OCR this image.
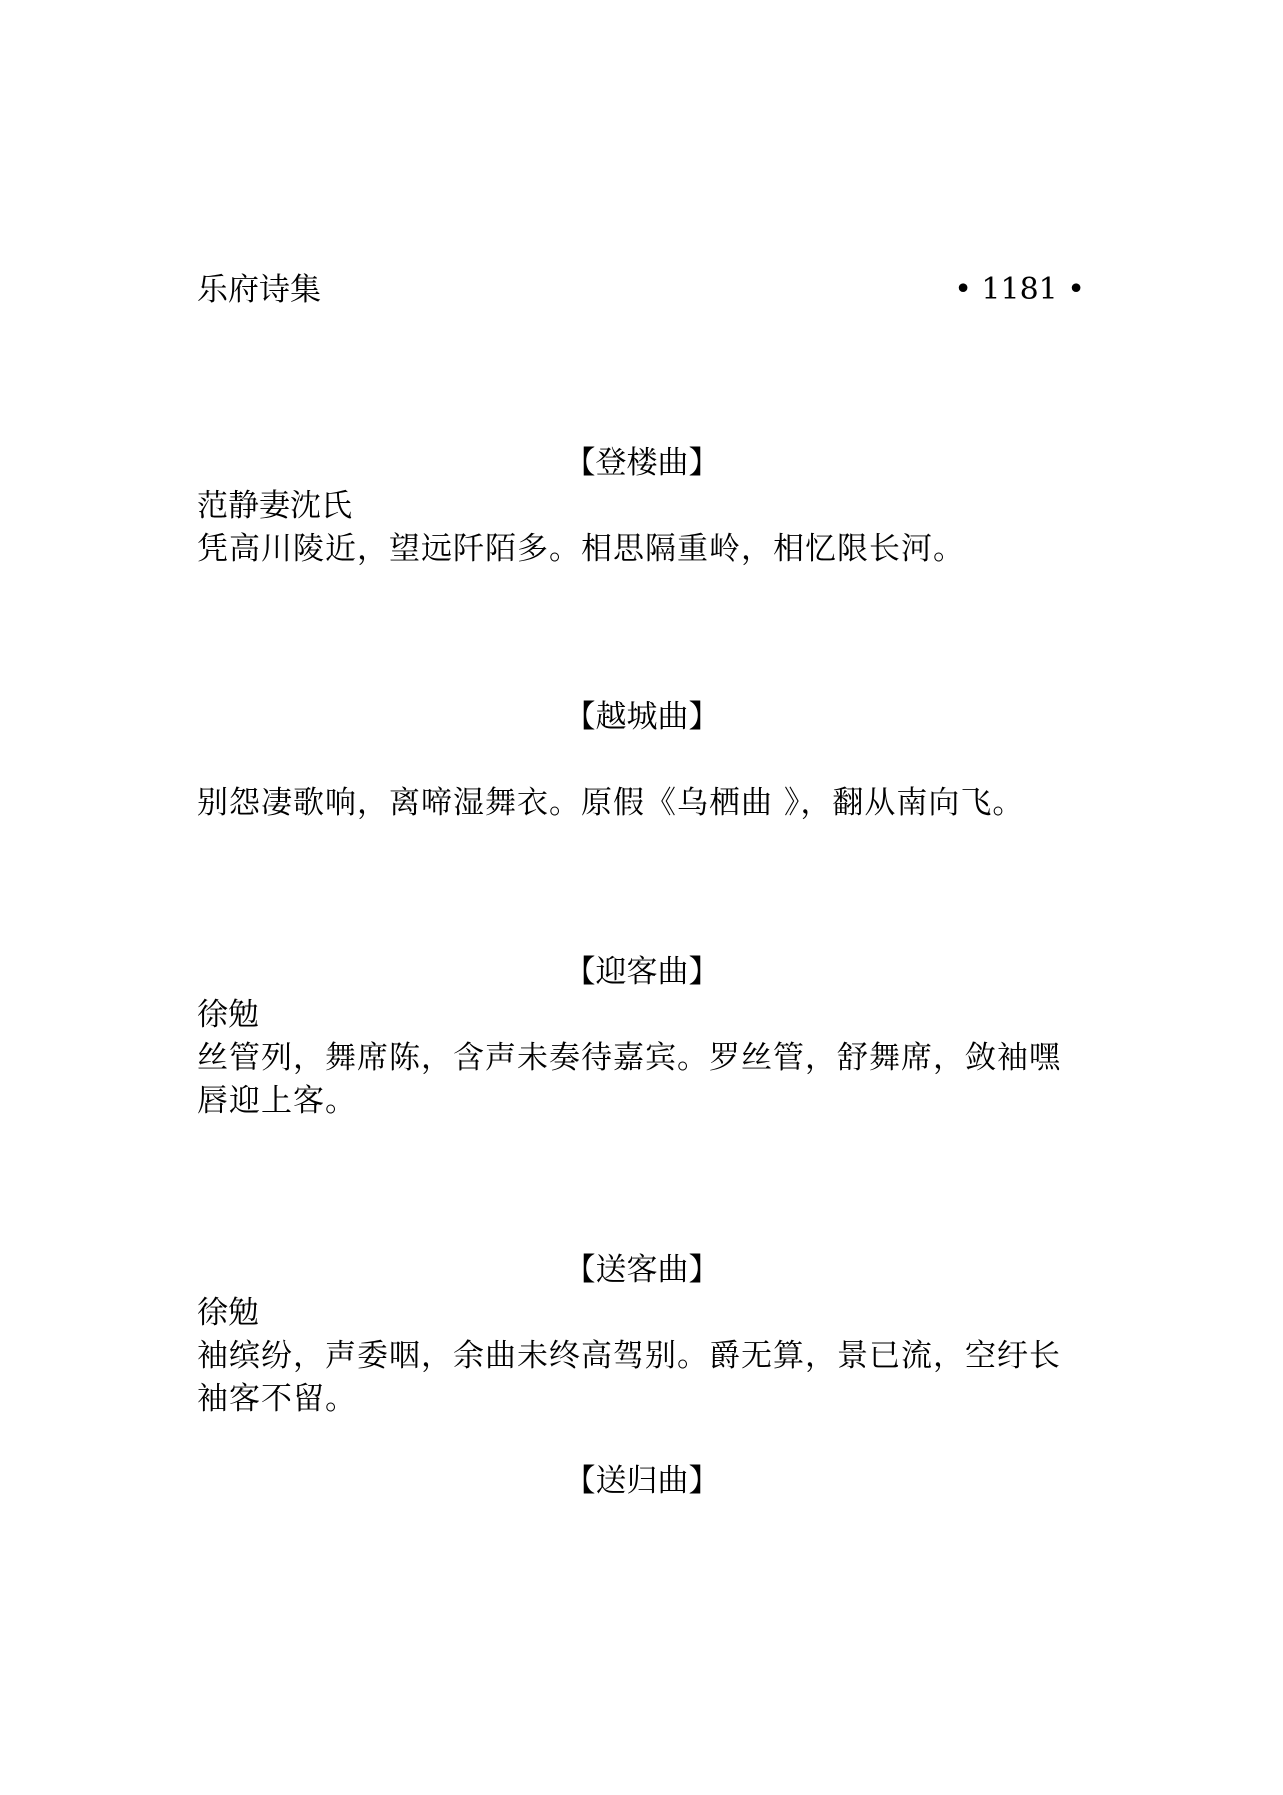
乐府诗集	• 1181 •
【登楼曲】
范静妻沈氏
凭高川陵近，望远阡陌多。相思隔重岭，相忆限长河。
【越城曲】
别怨凄歌响，离啼湿舞衣。原假《乌栖曲 》，翻从南向飞。
【迎客曲】
徐勉
丝管列，舞席陈，含声未奏待嘉宾。罗丝管，舒舞席，敛袖嘿唇迎上客。
【送客曲】
徐勉
袖缤纷，声委咽，余曲未终高驾别。爵无算，景已流，空纡长袖客不留。
【送归曲】
